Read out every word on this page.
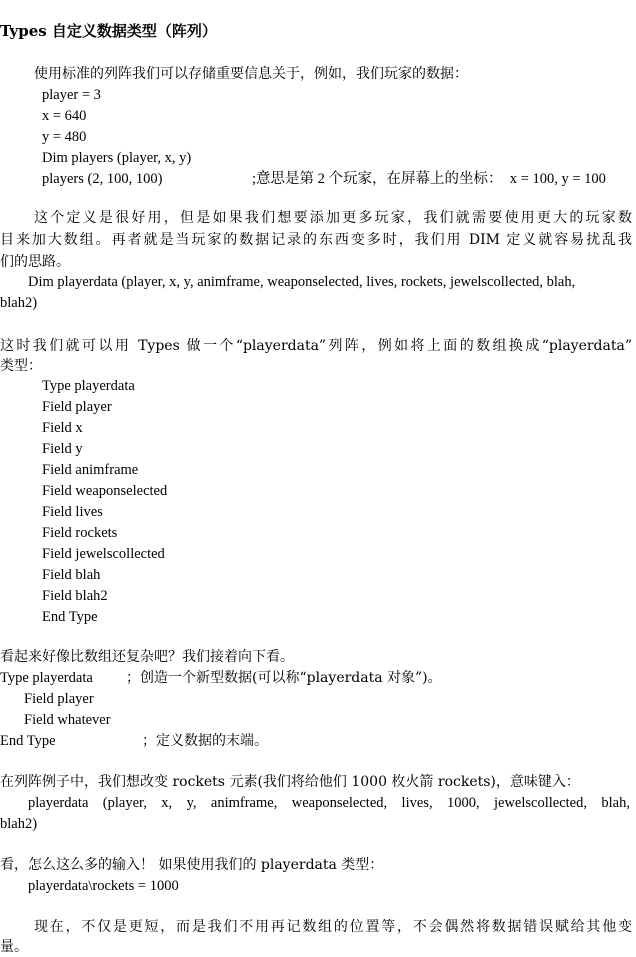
Types 自定义数据类型（阵列）
使用标准的列阵我们可以存储重要信息关于，例如，我们玩家的数据：
player = 3
x = 640
y = 480
Dim players (player, x, y)
players (2, 100, 100)	;意思是第 2 个玩家，在屏幕上的坐标：  x = 100, y = 100
这个定义是很好用，但是如果我们想要添加更多玩家，我们就需要使用更大的玩家数
目来加大数组。再者就是当玩家的数据记录的东西变多时，我们用 DIM 定义就容易扰乱我
们的思路。
Dim playerdata (player, x, y, animframe, weaponselected, lives, rockets, jewelscollected, blah,
blah2)
这时我们就可以用 Types 做一个“playerdata”列阵，例如将上面的数组换成“playerdata”
类型：
Type playerdata
Field player
Field x
Field y
Field animframe
Field weaponselected
Field lives
Field rockets
Field jewelscollected
Field blah
Field blah2
End Type
看起来好像比数组还复杂吧？我们接着向下看。
Type playerdata ；创造一个新型数据(可以称“playerdata 对象”)。
Field player
Field whatever
End Type	；定义数据的末端。
在列阵例子中，我们想改变 rockets 元素(我们将给他们 1000 枚火箭 rockets)，意味键入：
playerdata (player, x, y, animframe, weaponselected, lives, 1000, jewelscollected, blah,
blah2)
看，怎么这么多的输入！ 如果使用我们的 playerdata 类型：
playerdata\rockets = 1000
现在，不仅是更短，而是我们不用再记数组的位置等，不会偶然将数据错误赋给其他变
量。
